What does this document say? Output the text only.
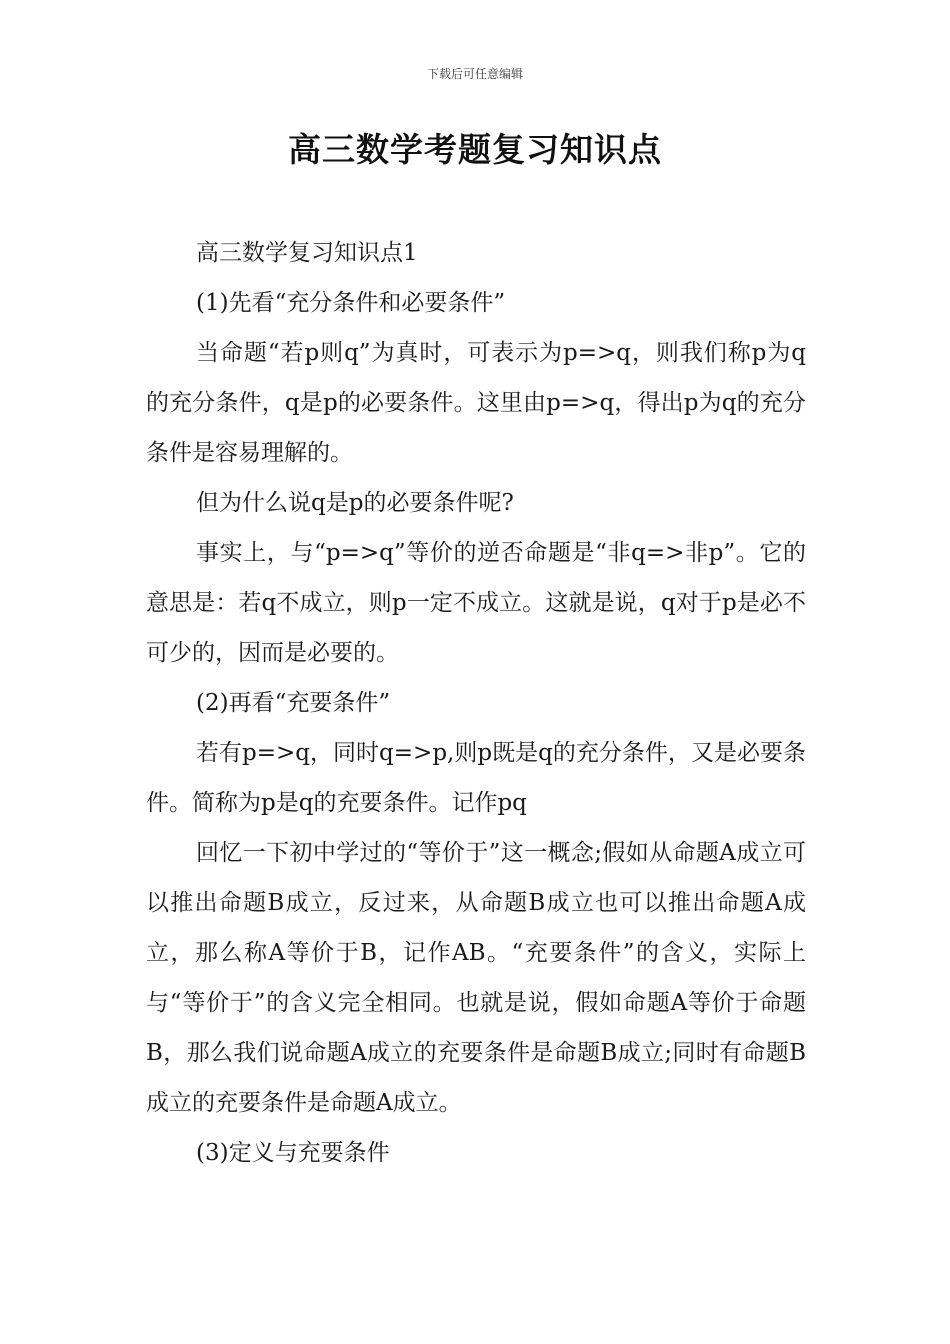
下载后可任意编辑
高三数学考题复习知识点

高三数学复习知识点1

(1)先看“充分条件和必要条件”

当命题“若p则q”为真时，可表示为p=>q，则我们称p为q的充分条件，q是p的必要条件。这里由p=>q，得出p为q的充分条件是容易理解的。

但为什么说q是p的必要条件呢?

事实上，与“p=>q”等价的逆否命题是“非q=>非p”。它的意思是：若q不成立，则p一定不成立。这就是说，q对于p是必不可少的，因而是必要的。

(2)再看“充要条件”

若有p=>q，同时q=>p,则p既是q的充分条件，又是必要条件。简称为p是q的充要条件。记作pq

回忆一下初中学过的“等价于”这一概念;假如从命题A成立可以推出命题B成立，反过来，从命题B成立也可以推出命题A成立，那么称A等价于B，记作AB。“充要条件”的含义，实际上与“等价于”的含义完全相同。也就是说，假如命题A等价于命题B，那么我们说命题A成立的充要条件是命题B成立;同时有命题B成立的充要条件是命题A成立。

(3)定义与充要条件
